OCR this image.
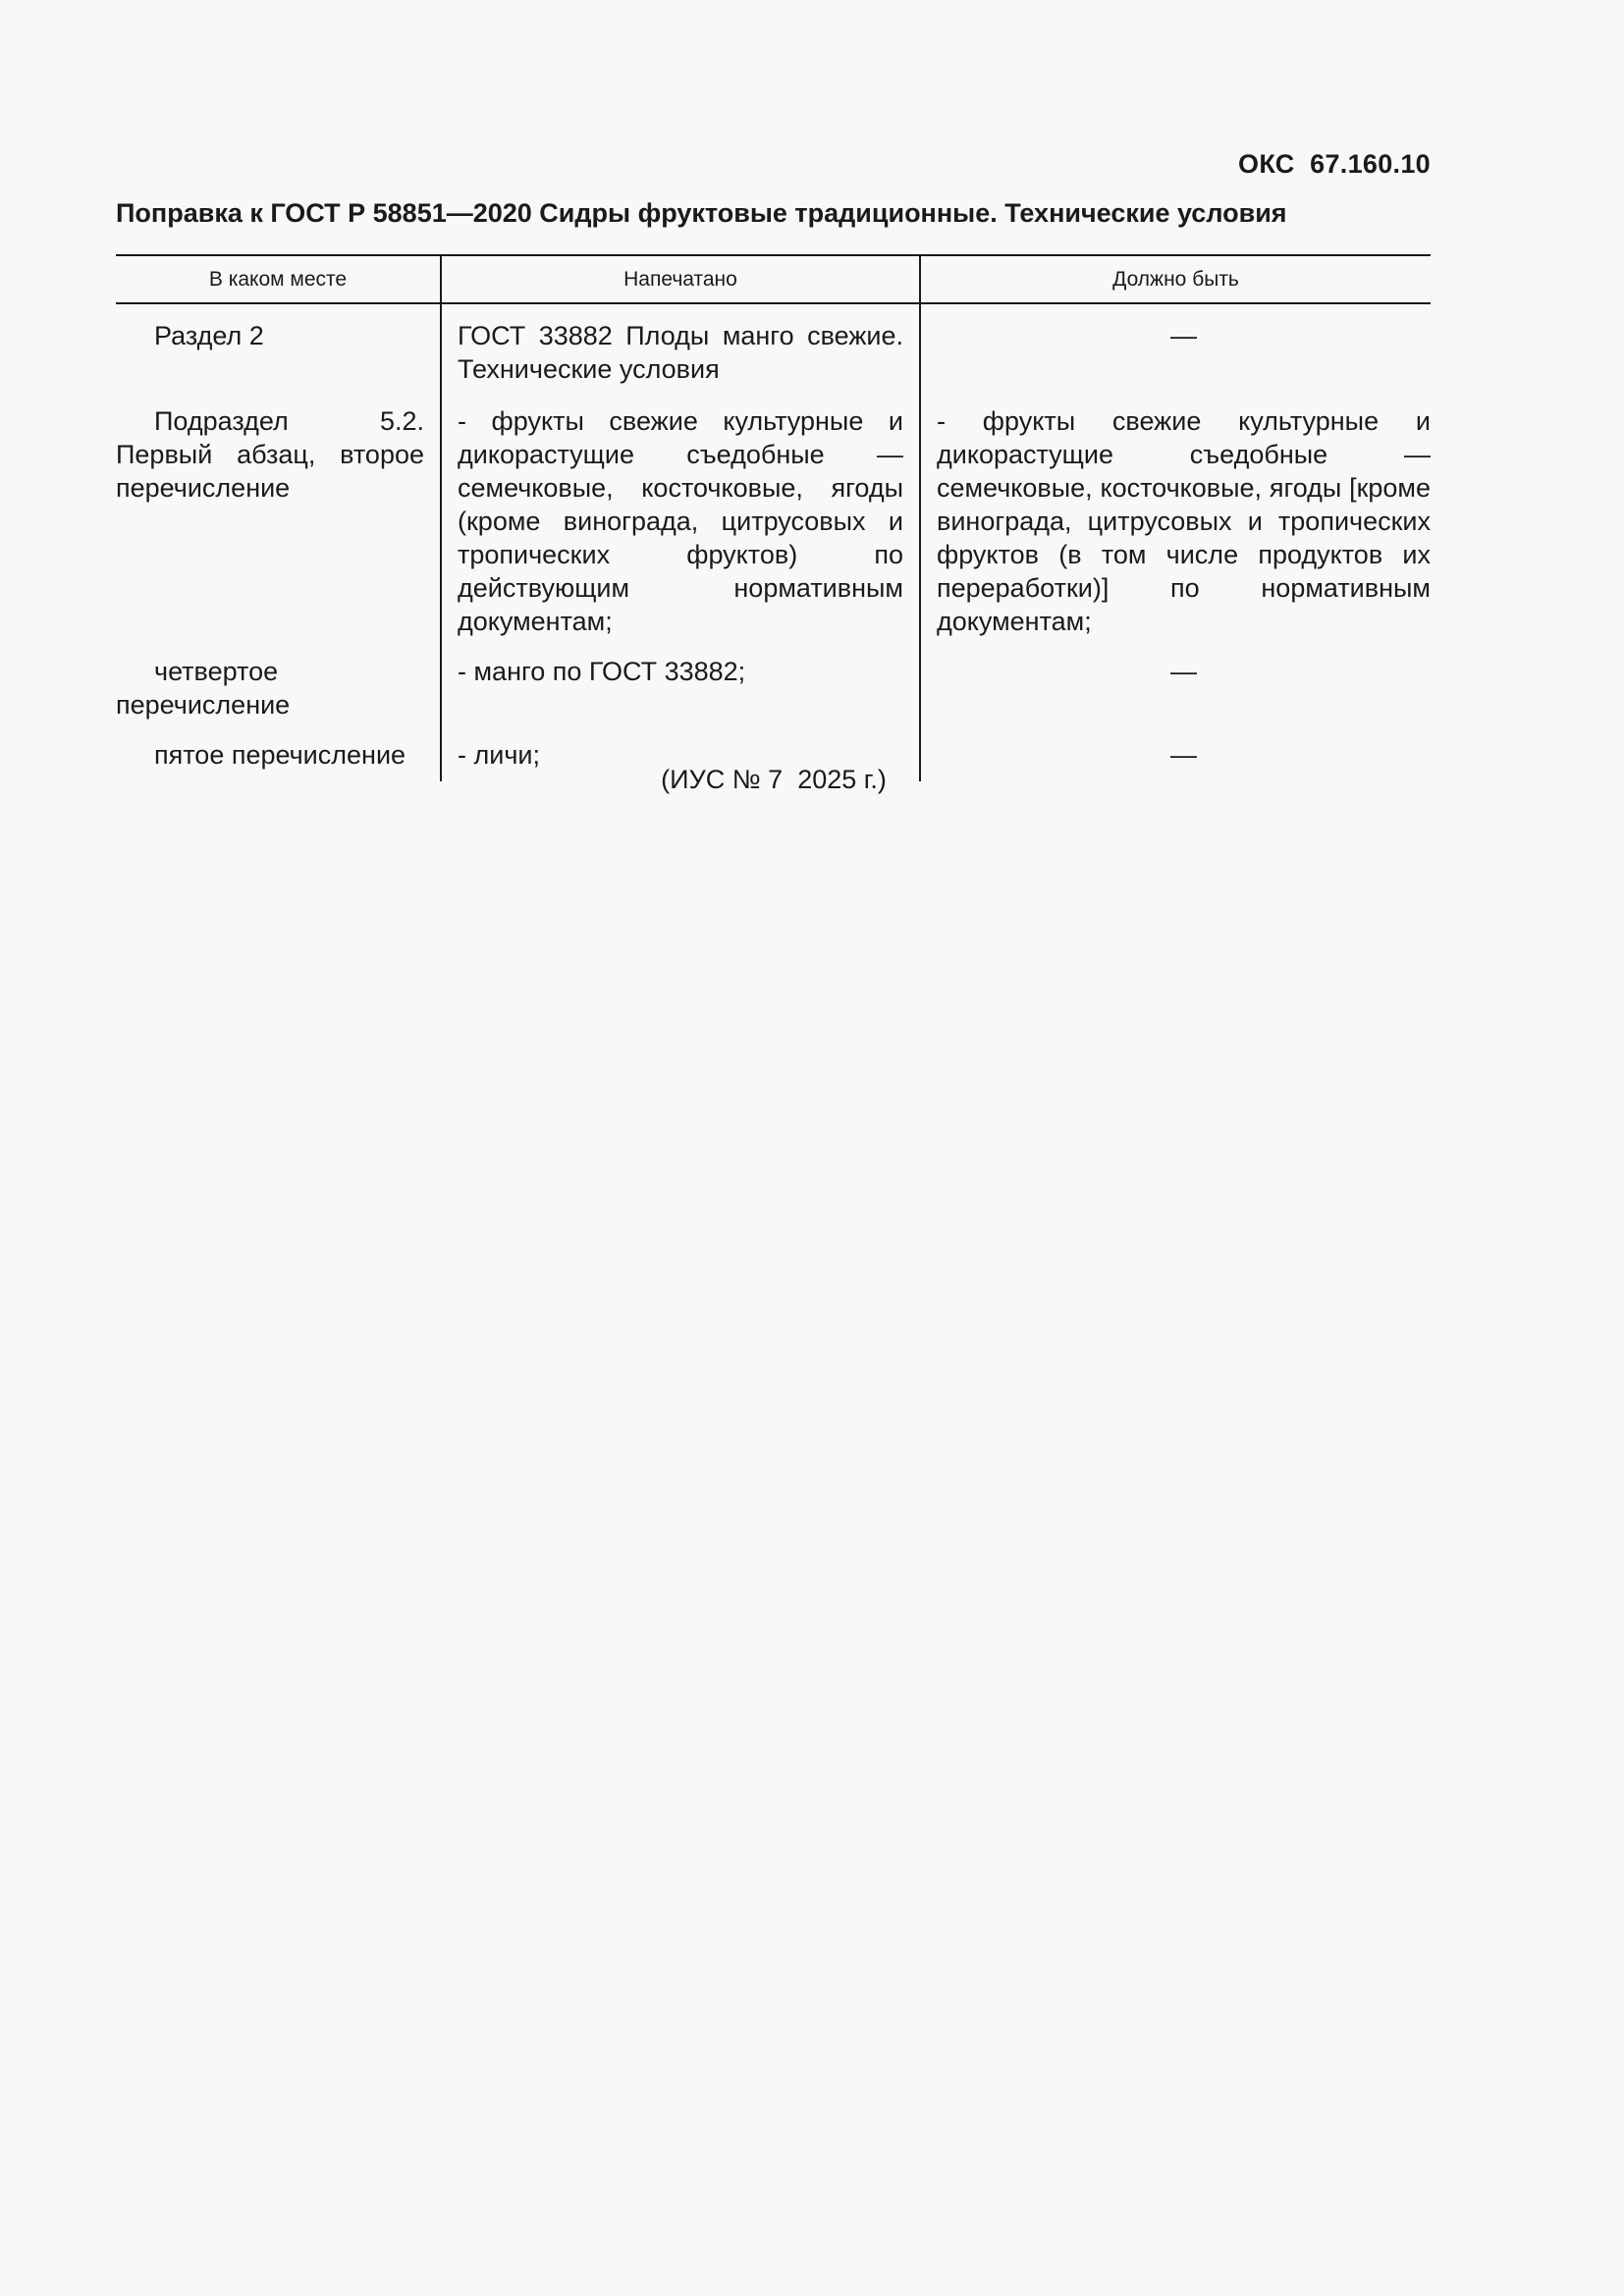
ОКС  67.160.10
Поправка к ГОСТ Р 58851—2020 Сидры фруктовые традиционные. Технические условия
В каком месте	Напечатано	Должно быть
Раздел 2	ГОСТ 33882 Плоды манго свежие. Технические условия	—
Подраздел 5.2. Первый абзац, второе перечисление	- фрукты свежие культурные и дикорастущие съедобные — семечковые, косточковые, ягоды (кроме винограда, цитрусовых и тропических фруктов) по действующим нормативным документам;	- фрукты свежие культурные и дикорастущие съедобные — семечковые, косточковые, ягоды [кроме винограда, цитрусовых и тропических фруктов (в том числе продуктов их переработки)] по нормативным документам;
четвертое перечисление	- манго по ГОСТ 33882;	—
пятое перечисление	- личи;	—
(ИУС № 7  2025 г.)
